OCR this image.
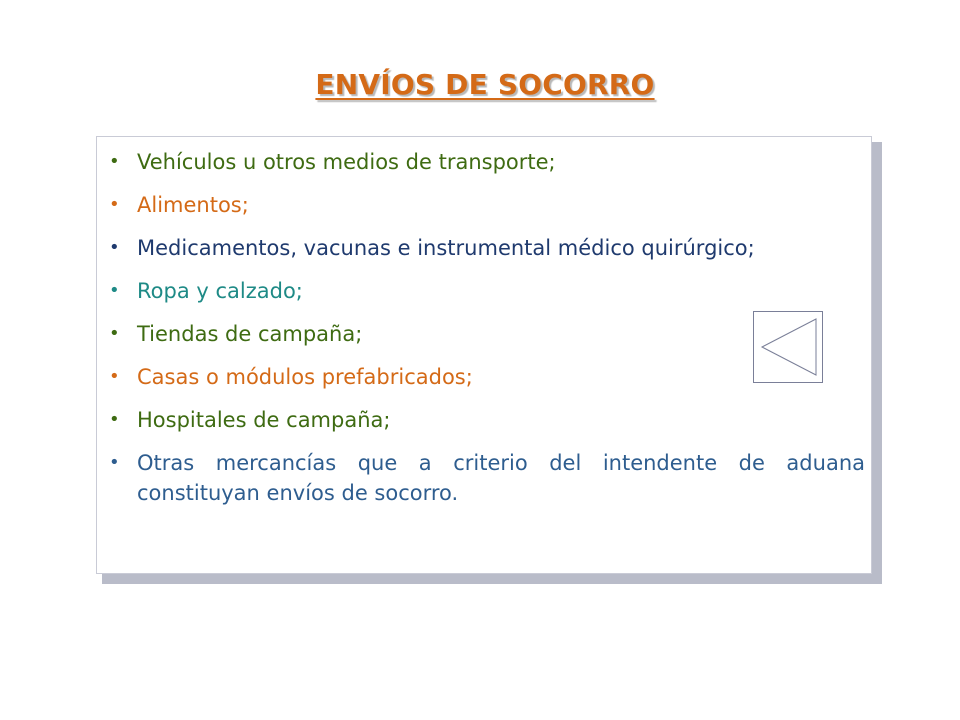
ENVÍOS DE SOCORRO
• Vehículos u otros medios de transporte;
• Alimentos;
• Medicamentos, vacunas e instrumental médico quirúrgico;
• Ropa y calzado;
• Tiendas de campaña;
• Casas o módulos prefabricados;
• Hospitales de campaña;
• Otras mercancías que a criterio del intendente de aduana constituyan envíos de socorro.
